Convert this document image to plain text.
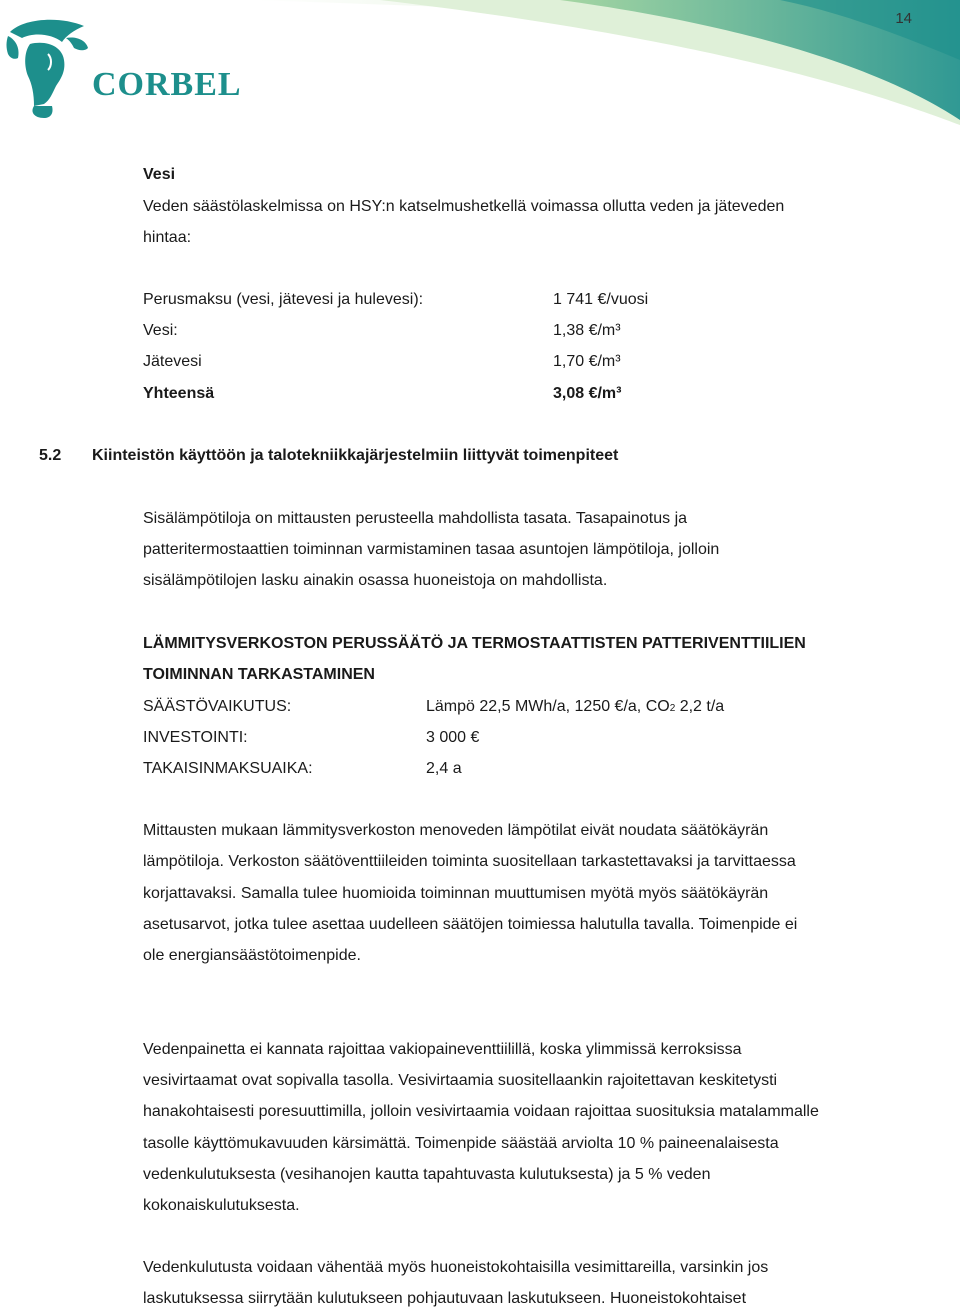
CORBEL
14
Vesi
Veden säästölaskelmissa on HSY:n katselmushetkellä voimassa ollutta veden ja jäteveden
hintaa:
Perusmaksu (vesi, jätevesi ja hulevesi):	1 741 €/vuosi
Vesi:	1,38 €/m³
Jätevesi	1,70 €/m³
Yhteensä	3,08 €/m³
5.2 Kiinteistön käyttöön ja talotekniikkajärjestelmiin liittyvät toimenpiteet
Sisälämpötiloja on mittausten perusteella mahdollista tasata. Tasapainotus ja
patteritermostaattien toiminnan varmistaminen tasaa asuntojen lämpötiloja, jolloin
sisälämpötilojen lasku ainakin osassa huoneistoja on mahdollista.
LÄMMITYSVERKOSTON PERUSSÄÄTÖ JA TERMOSTAATTISTEN PATTERIVENTTIILIEN
TOIMINNAN TARKASTAMINEN
SÄÄSTÖVAIKUTUS:	Lämpö 22,5 MWh/a, 1250 €/a, CO2 2,2 t/a
INVESTOINTI:	3 000 €
TAKAISINMAKSUAIKA:	2,4 a
Mittausten mukaan lämmitysverkoston menoveden lämpötilat eivät noudata säätökäyrän
lämpötiloja. Verkoston säätöventtiileiden toiminta suositellaan tarkastettavaksi ja tarvittaessa
korjattavaksi. Samalla tulee huomioida toiminnan muuttumisen myötä myös säätökäyrän
asetusarvot, jotka tulee asettaa uudelleen säätöjen toimiessa halutulla tavalla. Toimenpide ei
ole energiansäästötoimenpide.
Vedenpainetta ei kannata rajoittaa vakiopaineventtiilillä, koska ylimmissä kerroksissa
vesivirtaamat ovat sopivalla tasolla. Vesivirtaamia suositellaankin rajoitettavan keskitetysti
hanakohtaisesti poresuuttimilla, jolloin vesivirtaamia voidaan rajoittaa suosituksia matalammalle
tasolle käyttömukavuuden kärsimättä. Toimenpide säästää arviolta 10 % paineenalaisesta
vedenkulutuksesta (vesihanojen kautta tapahtuvasta kulutuksesta) ja 5 % veden
kokonaiskulutuksesta.
Vedenkulutusta voidaan vähentää myös huoneistokohtaisilla vesimittareilla, varsinkin jos
laskutuksessa siirrytään kulutukseen pohjautuvaan laskutukseen. Huoneistokohtaiset
